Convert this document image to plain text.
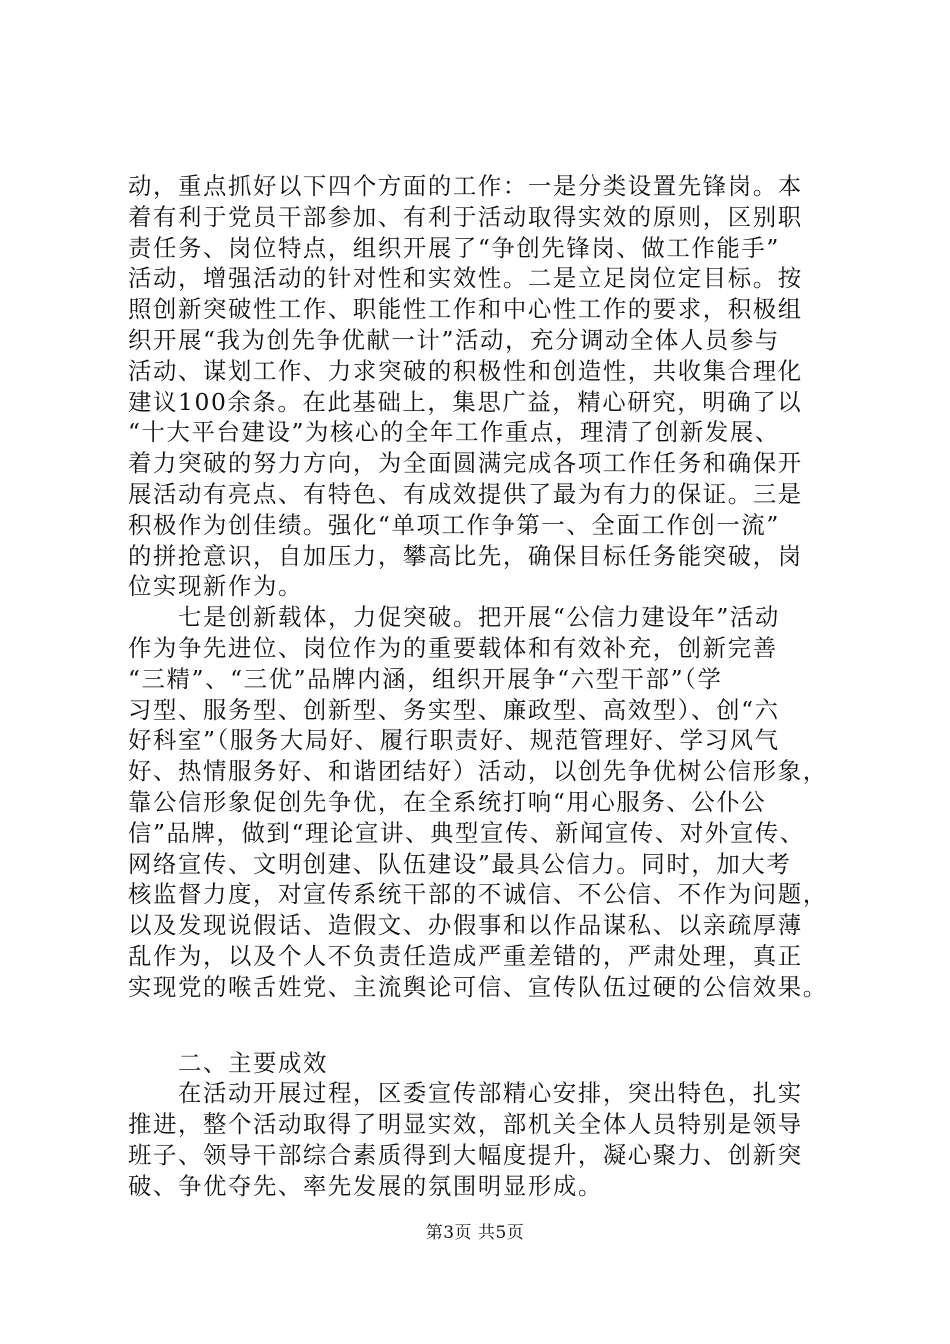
动，重点抓好以下四个方面的工作：一是分类设置先锋岗。本
着有利于党员干部参加、有利于活动取得实效的原则，区别职
责任务、岗位特点，组织开展了“争创先锋岗、做工作能手”
活动，增强活动的针对性和实效性。二是立足岗位定目标。按
照创新突破性工作、职能性工作和中心性工作的要求，积极组
织开展“我为创先争优献一计”活动，充分调动全体人员参与
活动、谋划工作、力求突破的积极性和创造性，共收集合理化
建议100余条。在此基础上，集思广益，精心研究，明确了以
“十大平台建设”为核心的全年工作重点，理清了创新发展、
着力突破的努力方向，为全面圆满完成各项工作任务和确保开
展活动有亮点、有特色、有成效提供了最为有力的保证。三是
积极作为创佳绩。强化“单项工作争第一、全面工作创一流”
的拼抢意识，自加压力，攀高比先，确保目标任务能突破，岗
位实现新作为。
七是创新载体，力促突破。把开展“公信力建设年”活动
作为争先进位、岗位作为的重要载体和有效补充，创新完善
“三精”、“三优”品牌内涵，组织开展争“六型干部”（学
习型、服务型、创新型、务实型、廉政型、高效型）、创“六
好科室”（服务大局好、履行职责好、规范管理好、学习风气
好、热情服务好、和谐团结好）活动，以创先争优树公信形象，
靠公信形象促创先争优，在全系统打响“用心服务、公仆公
信”品牌，做到“理论宣讲、典型宣传、新闻宣传、对外宣传、
网络宣传、文明创建、队伍建设”最具公信力。同时，加大考
核监督力度，对宣传系统干部的不诚信、不公信、不作为问题，
以及发现说假话、造假文、办假事和以作品谋私、以亲疏厚薄
乱作为，以及个人不负责任造成严重差错的，严肃处理，真正
实现党的喉舌姓党、主流舆论可信、宣传队伍过硬的公信效果。
二、主要成效
在活动开展过程，区委宣传部精心安排，突出特色，扎实
推进，整个活动取得了明显实效，部机关全体人员特别是领导
班子、领导干部综合素质得到大幅度提升，凝心聚力、创新突
破、争优夺先、率先发展的氛围明显形成。
第3页 共5页
